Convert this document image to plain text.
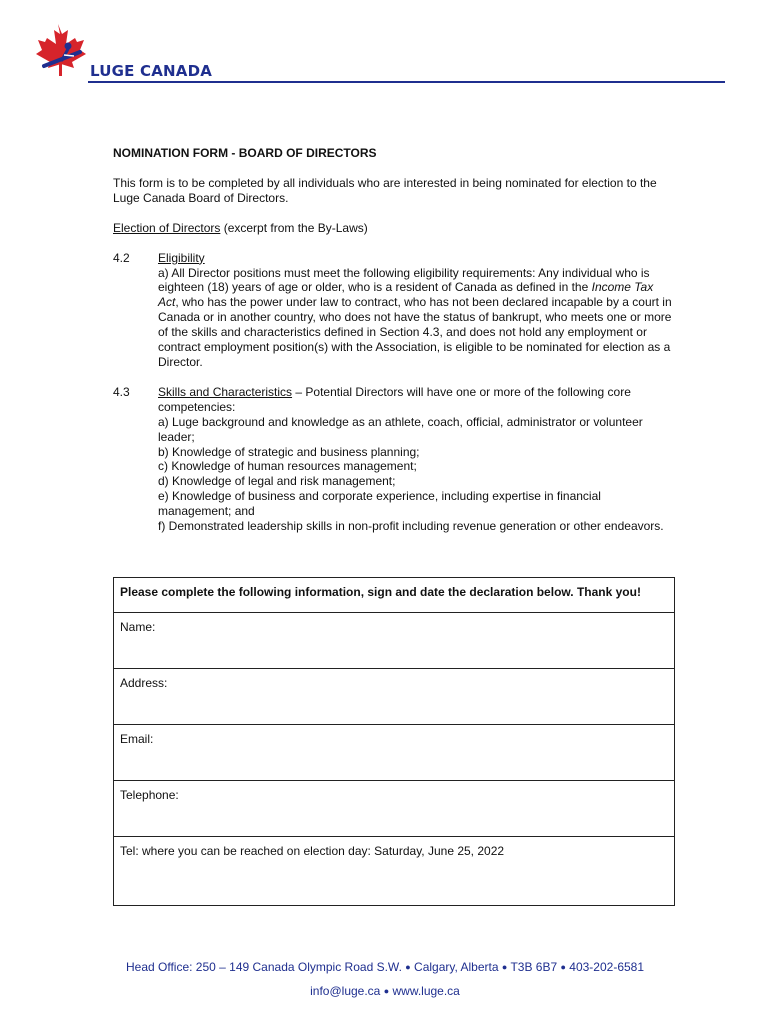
LUGE CANADA
NOMINATION FORM - BOARD OF DIRECTORS

This form is to be completed by all individuals who are interested in being nominated for election to the Luge Canada Board of Directors.

Election of Directors (excerpt from the By-Laws)

4.2	Eligibility
a) All Director positions must meet the following eligibility requirements: Any individual who is eighteen (18) years of age or older, who is a resident of Canada as defined in the Income Tax Act, who has the power under law to contract, who has not been declared incapable by a court in Canada or in another country, who does not have the status of bankrupt, who meets one or more of the skills and characteristics defined in Section 4.3, and does not hold any employment or contract employment position(s) with the Association, is eligible to be nominated for election as a Director.
4.3	Skills and Characteristics – Potential Directors will have one or more of the following core competencies:
a) Luge background and knowledge as an athlete, coach, official, administrator or volunteer leader;
b) Knowledge of strategic and business planning;
c) Knowledge of human resources management;
d) Knowledge of legal and risk management;
e) Knowledge of business and corporate experience, including expertise in financial management; and
f) Demonstrated leadership skills in non-profit including revenue generation or other endeavors.
Please complete the following information, sign and date the declaration below. Thank you!
Name:
Address:
Email:
Telephone:
Tel: where you can be reached on election day: Saturday, June 25, 2022
Head Office: 250 – 149 Canada Olympic Road S.W. ● Calgary, Alberta ● T3B 6B7 ● 403-202-6581
info@luge.ca ● www.luge.ca
